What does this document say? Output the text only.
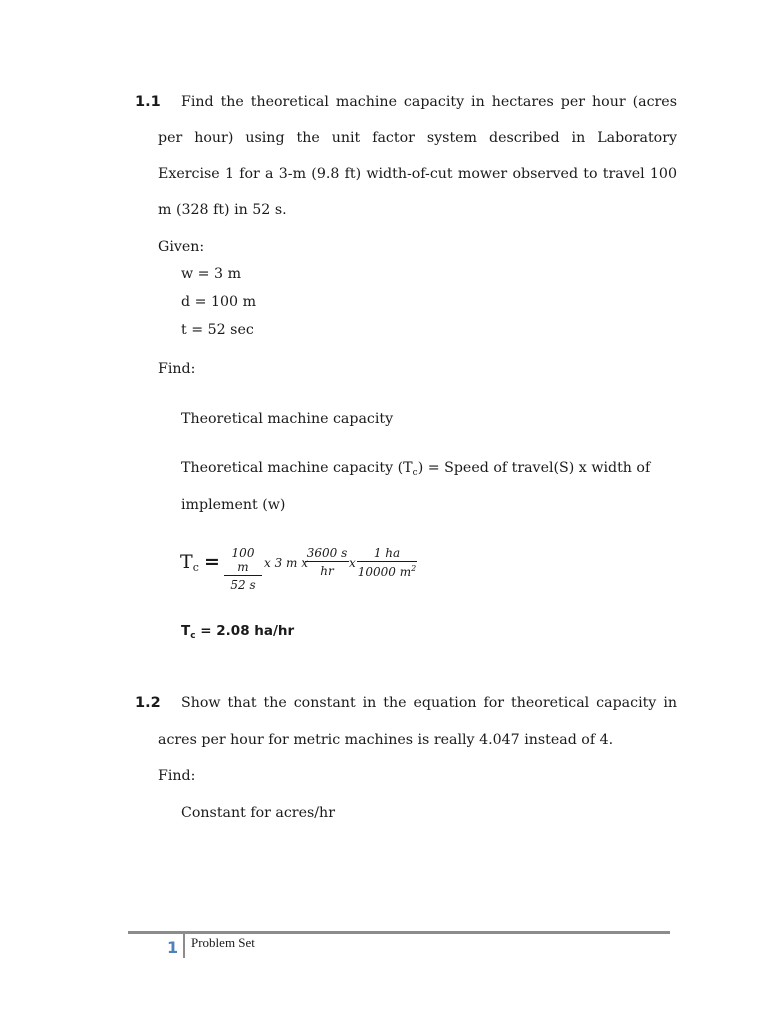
1.1 Find the theoretical machine capacity in hectares per hour (acres
per hour) using the unit factor system described in Laboratory
Exercise 1 for a 3-m (9.8 ft) width-of-cut mower observed to travel 100
m (328 ft) in 52 s.
Given:
w = 3 m
d = 100 m
t = 52 sec
Find:
Theoretical machine capacity
Theoretical machine capacity $(T_c)$ = Speed of travel(S) x width of
implement (w)
$Tc = \frac{100 m}{52 s}$ x 3 m x
$\frac{3600 s}{hr}$ x $\frac{1 ha}{10000 m^2}$
$T_c = 2.08$ ha/hr
1.2 Show that the constant in the equation for theoretical capacity in
acres per hour for metric machines is really 4.047 instead of 4.
Find:
Constant for acres/hr
1 Problem Set
